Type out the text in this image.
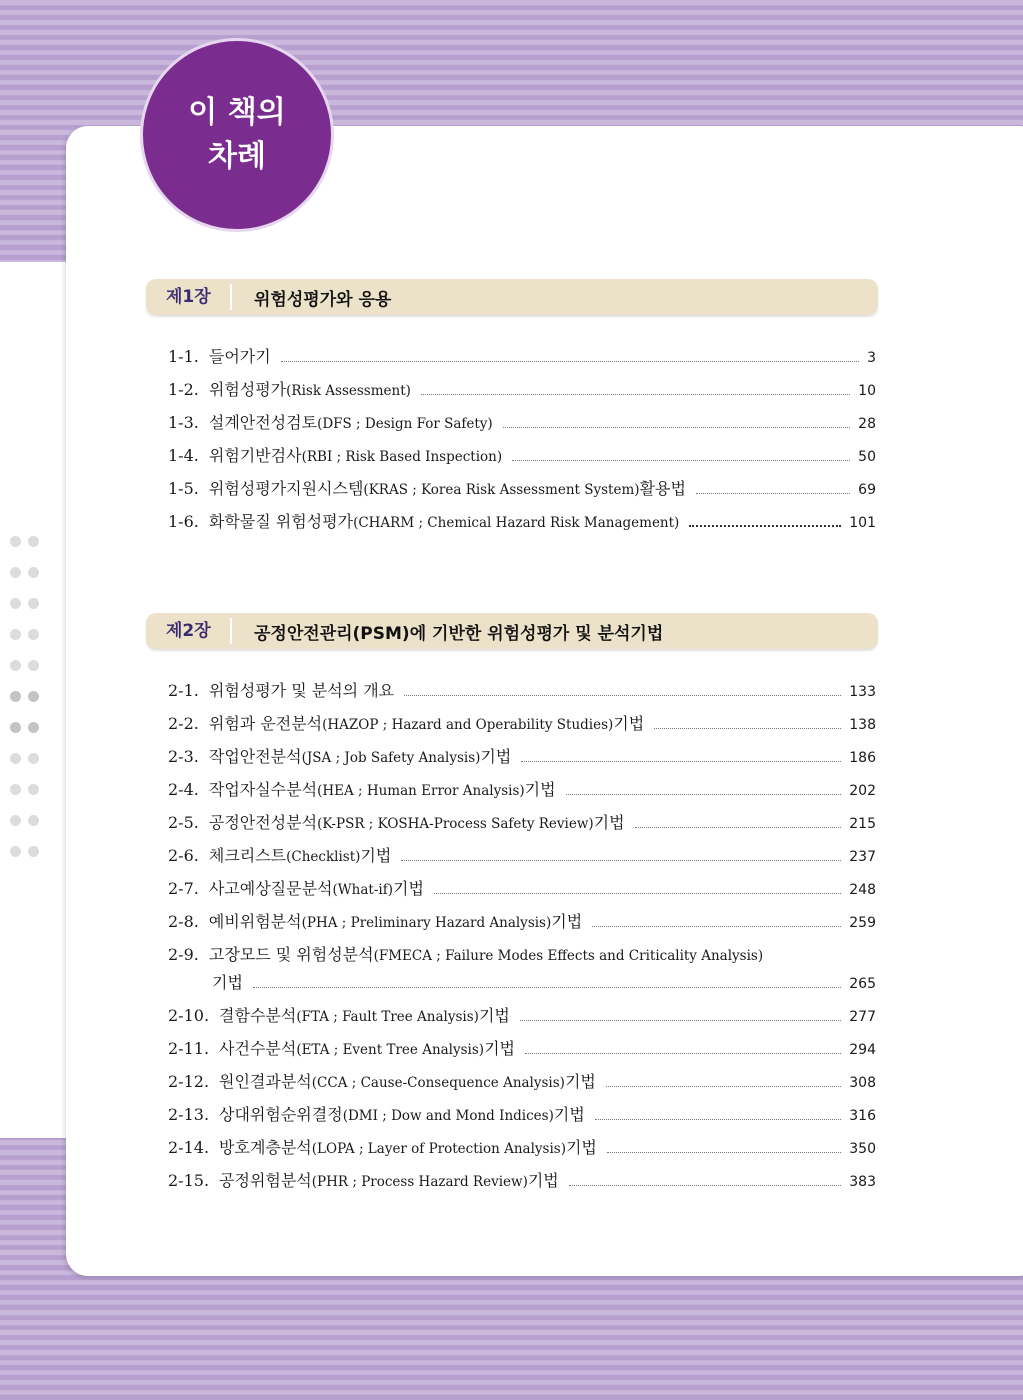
이 책의
차례
제1장	위험성평가와 응용
1-1. 들어가기	3
1-2. 위험성평가 (Risk Assessment)	10
1-3. 설계안전성검토 (DFS ; Design For Safety)	28
1-4. 위험기반검사 (RBI ; Risk Based Inspection)	50
1-5. 위험성평가지원시스템 (KRAS ; Korea Risk Assessment System) 활용법	69
1-6. 화학물질 위험성평가 (CHARM ; Chemical Hazard Risk Management)	101
제2장	공정안전관리(PSM)에 기반한 위험성평가 및 분석기법
2-1. 위험성평가 및 분석의 개요	133
2-2. 위험과 운전분석 (HAZOP ; Hazard and Operability Studies) 기법	138
2-3. 작업안전분석 (JSA ; Job Safety Analysis) 기법	186
2-4. 작업자실수분석 (HEA ; Human Error Analysis) 기법	202
2-5. 공정안전성분석 (K-PSR ; KOSHA-Process Safety Review) 기법	215
2-6. 체크리스트 (Checklist) 기법	237
2-7. 사고예상질문분석 (What-if) 기법	248
2-8. 예비위험분석 (PHA ; Preliminary Hazard Analysis) 기법	259
2-9. 고장모드 및 위험성분석 (FMECA ; Failure Modes Effects and Criticality Analysis)
기법	265
2-10. 결함수분석 (FTA ; Fault Tree Analysis) 기법	277
2-11. 사건수분석 (ETA ; Event Tree Analysis) 기법	294
2-12. 원인결과분석 (CCA ; Cause-Consequence Analysis) 기법	308
2-13. 상대위험순위결정 (DMI ; Dow and Mond Indices) 기법	316
2-14. 방호계층분석 (LOPA ; Layer of Protection Analysis) 기법	350
2-15. 공정위험분석 (PHR ; Process Hazard Review) 기법	383
